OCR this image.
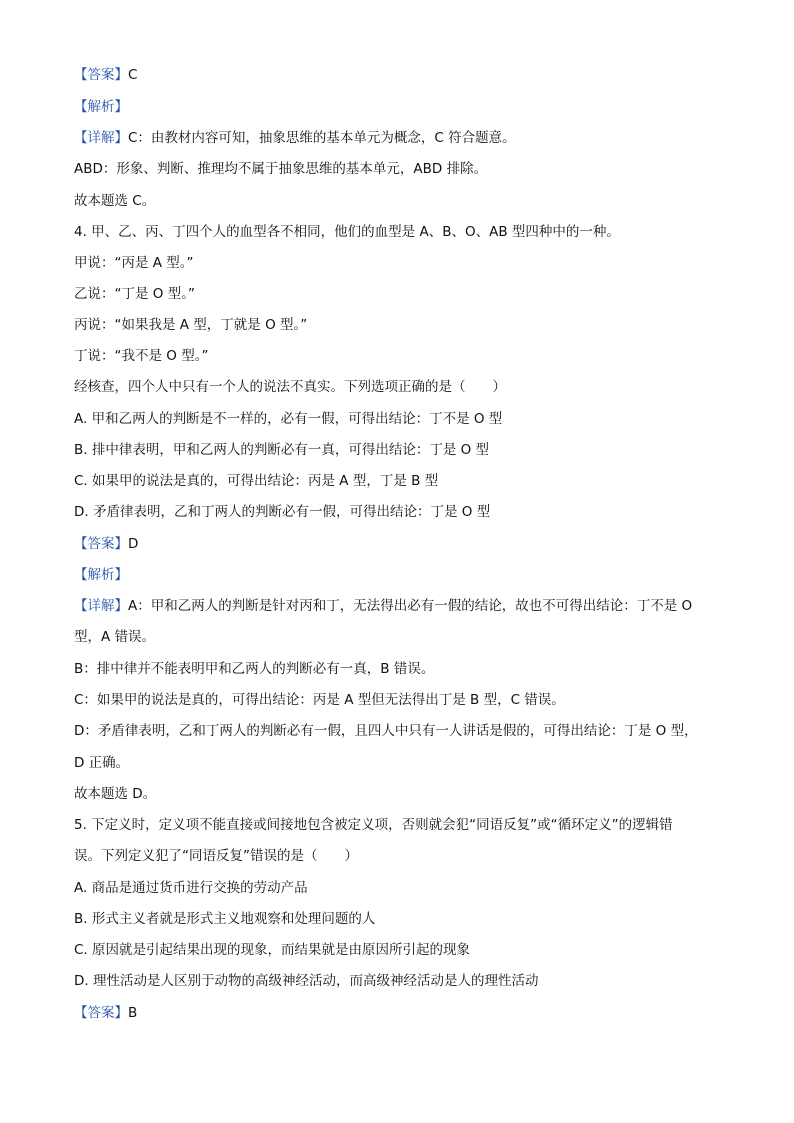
【答案】C
【解析】
【详解】C：由教材内容可知，抽象思维的基本单元为概念，C 符合题意。
ABD：形象、判断、推理均不属于抽象思维的基本单元，ABD 排除。
故本题选 C。
4. 甲、乙、丙、丁四个人的血型各不相同，他们的血型是 A、B、O、AB 型四种中的一种。
甲说：“丙是 A 型。”
乙说：“丁是 O 型。”
丙说：“如果我是 A 型，丁就是 O 型。”
丁说：“我不是 O 型。”
经核查，四个人中只有一个人的说法不真实。下列选项正确的是（　　）
A. 甲和乙两人的判断是不一样的，必有一假，可得出结论：丁不是 O 型
B. 排中律表明，甲和乙两人的判断必有一真，可得出结论：丁是 O 型
C. 如果甲的说法是真的，可得出结论：丙是 A 型，丁是 B 型
D. 矛盾律表明，乙和丁两人的判断必有一假，可得出结论：丁是 O 型
【答案】D
【解析】
【详解】A：甲和乙两人的判断是针对丙和丁，无法得出必有一假的结论，故也不可得出结论：丁不是 O
型，A 错误。
B：排中律并不能表明甲和乙两人的判断必有一真，B 错误。
C：如果甲的说法是真的，可得出结论：丙是 A 型但无法得出丁是 B 型，C 错误。
D：矛盾律表明，乙和丁两人的判断必有一假，且四人中只有一人讲话是假的，可得出结论：丁是 O 型，
D 正确。
故本题选 D。
5. 下定义时，定义项不能直接或间接地包含被定义项，否则就会犯“同语反复”或“循环定义”的逻辑错
误。下列定义犯了“同语反复”错误的是（　　）
A. 商品是通过货币进行交换的劳动产品
B. 形式主义者就是形式主义地观察和处理问题的人
C. 原因就是引起结果出现的现象，而结果就是由原因所引起的现象
D. 理性活动是人区别于动物的高级神经活动，而高级神经活动是人的理性活动
【答案】B
